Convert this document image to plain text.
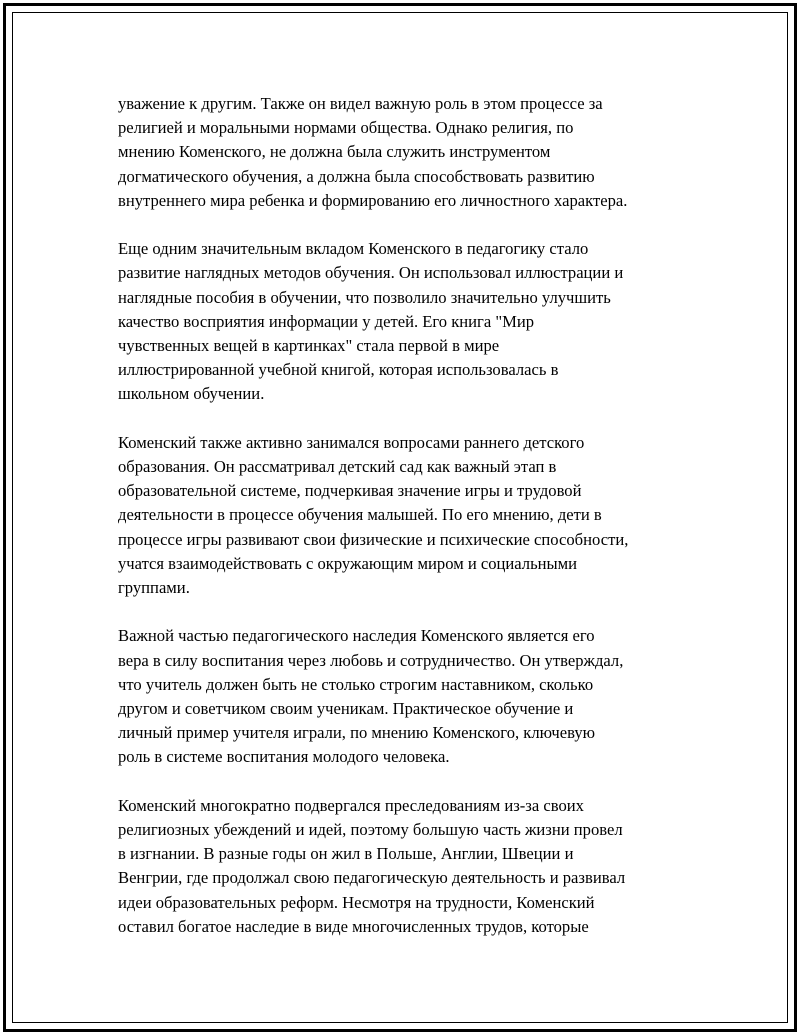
уважение к другим. Также он видел важную роль в этом процессе за
религией и моральными нормами общества. Однако религия, по
мнению Коменского, не должна была служить инструментом
догматического обучения, а должна была способствовать развитию
внутреннего мира ребенка и формированию его личностного характера.

Еще одним значительным вкладом Коменского в педагогику стало
развитие наглядных методов обучения. Он использовал иллюстрации и
наглядные пособия в обучении, что позволило значительно улучшить
качество восприятия информации у детей. Его книга "Мир
чувственных вещей в картинках" стала первой в мире
иллюстрированной учебной книгой, которая использовалась в
школьном обучении.

Коменский также активно занимался вопросами раннего детского
образования. Он рассматривал детский сад как важный этап в
образовательной системе, подчеркивая значение игры и трудовой
деятельности в процессе обучения малышей. По его мнению, дети в
процессе игры развивают свои физические и психические способности,
учатся взаимодействовать с окружающим миром и социальными
группами.

Важной частью педагогического наследия Коменского является его
вера в силу воспитания через любовь и сотрудничество. Он утверждал,
что учитель должен быть не столько строгим наставником, сколько
другом и советчиком своим ученикам. Практическое обучение и
личный пример учителя играли, по мнению Коменского, ключевую
роль в системе воспитания молодого человека.

Коменский многократно подвергался преследованиям из-за своих
религиозных убеждений и идей, поэтому большую часть жизни провел
в изгнании. В разные годы он жил в Польше, Англии, Швеции и
Венгрии, где продолжал свою педагогическую деятельность и развивал
идеи образовательных реформ. Несмотря на трудности, Коменский
оставил богатое наследие в виде многочисленных трудов, которые
